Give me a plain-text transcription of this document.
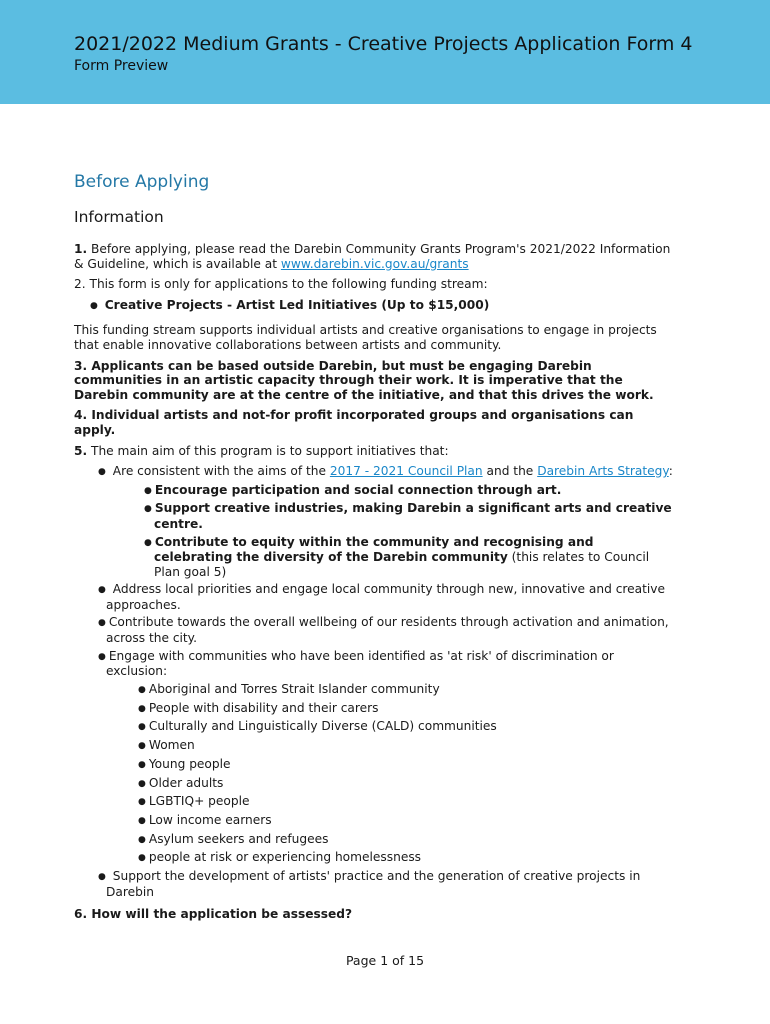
2021/2022 Medium Grants - Creative Projects Application Form 4
Form Preview
Before Applying
Information

1. Before applying, please read the Darebin Community Grants Program's 2021/2022 Information & Guideline, which is available at www.darebin.vic.gov.au/grants

2. This form is only for applications to the following funding stream:

● Creative Projects - Artist Led Initiatives (Up to $15,000)

This funding stream supports individual artists and creative organisations to engage in projects that enable innovative collaborations between artists and community.

3. Applicants can be based outside Darebin, but must be engaging Darebin communities in an artistic capacity through their work. It is imperative that the Darebin community are at the centre of the initiative, and that this drives the work.

4. Individual artists and not-for profit incorporated groups and organisations can apply.

5. The main aim of this program is to support initiatives that:

● Are consistent with the aims of the 2017 - 2021 Council Plan and the Darebin Arts Strategy:
● Encourage participation and social connection through art.
● Support creative industries, making Darebin a significant arts and creative centre.
● Contribute to equity within the community and recognising and celebrating the diversity of the Darebin community (this relates to Council Plan goal 5)
● Address local priorities and engage local community through new, innovative and creative approaches.
● Contribute towards the overall wellbeing of our residents through activation and animation, across the city.
● Engage with communities who have been identified as 'at risk' of discrimination or exclusion:
● Aboriginal and Torres Strait Islander community
● People with disability and their carers
● Culturally and Linguistically Diverse (CALD) communities
● Women
● Young people
● Older adults
● LGBTIQ+ people
● Low income earners
● Asylum seekers and refugees
● people at risk or experiencing homelessness
● Support the development of artists' practice and the generation of creative projects in Darebin

6. How will the application be assessed?

Page 1 of 15
